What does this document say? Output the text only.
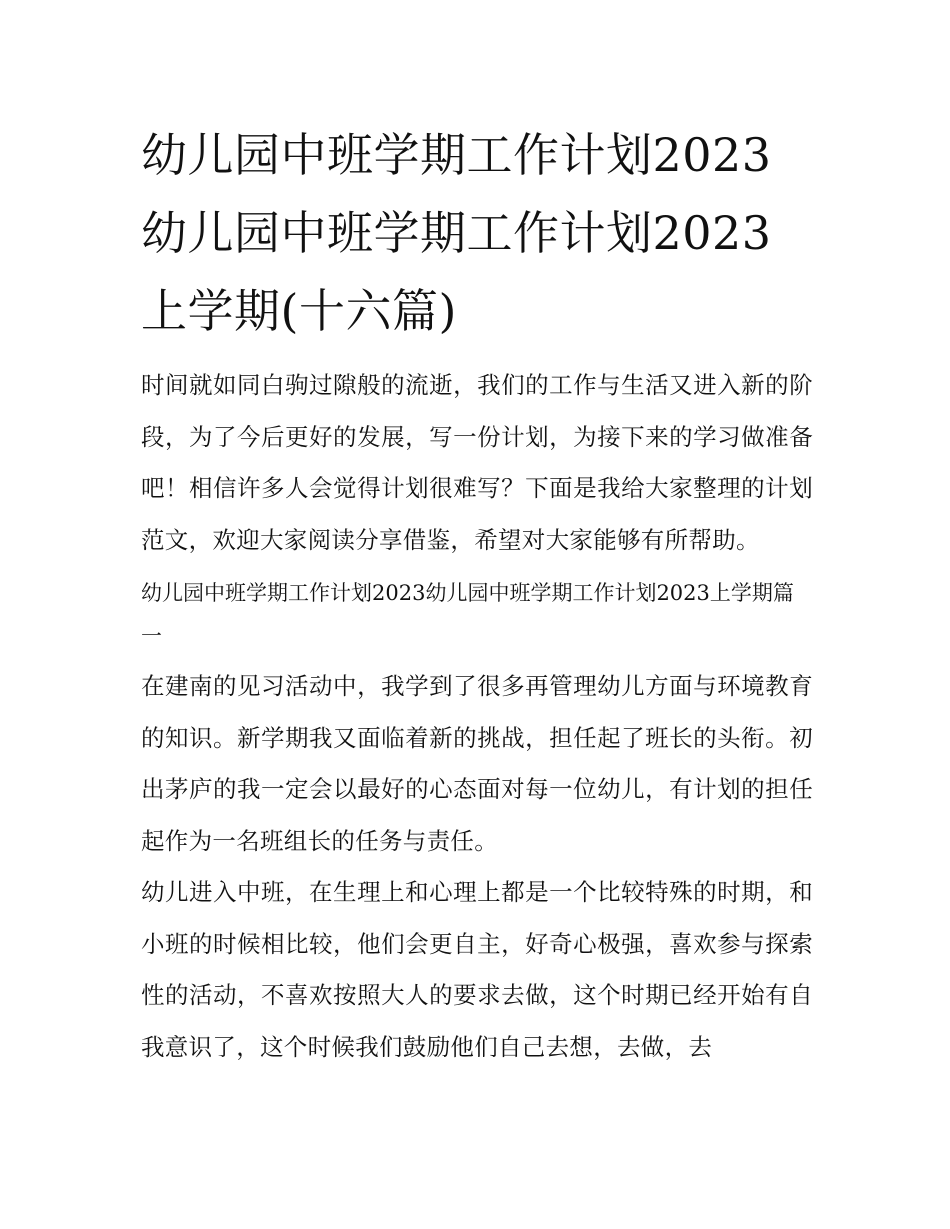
幼儿园中班学期工作计划2023幼儿园中班学期工作计划2023上学期(十六篇)

时间就如同白驹过隙般的流逝，我们的工作与生活又进入新的阶段，为了今后更好的发展，写一份计划，为接下来的学习做准备吧！相信许多人会觉得计划很难写？下面是我给大家整理的计划范文，欢迎大家阅读分享借鉴，希望对大家能够有所帮助。

幼儿园中班学期工作计划2023幼儿园中班学期工作计划2023上学期篇一

在建南的见习活动中，我学到了很多再管理幼儿方面与环境教育的知识。新学期我又面临着新的挑战，担任起了班长的头衔。初出茅庐的我一定会以最好的心态面对每一位幼儿，有计划的担任起作为一名班组长的任务与责任。

幼儿进入中班，在生理上和心理上都是一个比较特殊的时期，和小班的时候相比较，他们会更自主，好奇心极强，喜欢参与探索性的活动，不喜欢按照大人的要求去做，这个时期已经开始有自我意识了，这个时候我们鼓励他们自己去想，去做，去
